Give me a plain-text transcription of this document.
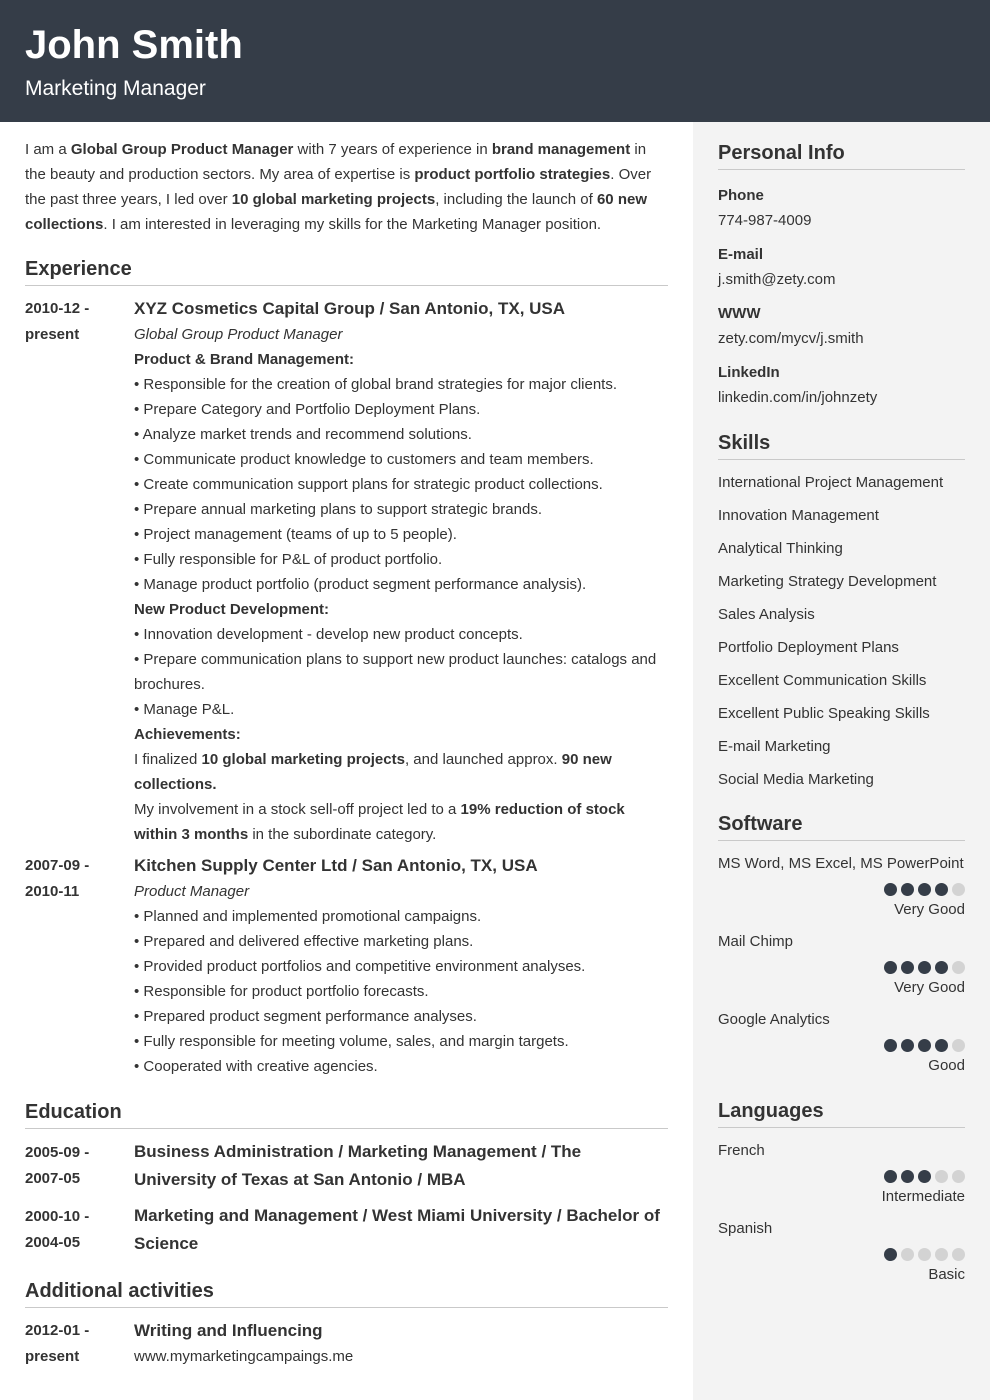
John Smith
Marketing Manager
I am a Global Group Product Manager with 7 years of experience in brand management in the beauty and production sectors. My area of expertise is product portfolio strategies. Over the past three years, I led over 10 global marketing projects, including the launch of 60 new collections. I am interested in leveraging my skills for the Marketing Manager position.
Experience
2010-12 -
present
XYZ Cosmetics Capital Group / San Antonio, TX, USA
Global Group Product Manager
Product & Brand Management:
• Responsible for the creation of global brand strategies for major clients.
• Prepare Category and Portfolio Deployment Plans.
• Analyze market trends and recommend solutions.
• Communicate product knowledge to customers and team members.
• Create communication support plans for strategic product collections.
• Prepare annual marketing plans to support strategic brands.
• Project management (teams of up to 5 people).
• Fully responsible for P&L of product portfolio.
• Manage product portfolio (product segment performance analysis).
New Product Development:
• Innovation development - develop new product concepts.
• Prepare communication plans to support new product launches: catalogs and brochures.
• Manage P&L.
Achievements:
I finalized 10 global marketing projects, and launched approx. 90 new collections.
My involvement in a stock sell-off project led to a 19% reduction of stock within 3 months in the subordinate category.
2007-09 -
2010-11
Kitchen Supply Center Ltd / San Antonio, TX, USA
Product Manager
• Planned and implemented promotional campaigns.
• Prepared and delivered effective marketing plans.
• Provided product portfolios and competitive environment analyses.
• Responsible for product portfolio forecasts.
• Prepared product segment performance analyses.
• Fully responsible for meeting volume, sales, and margin targets.
• Cooperated with creative agencies.
Education
2005-09 -
2007-05
Business Administration / Marketing Management / The University of Texas at San Antonio / MBA
2000-10 -
2004-05
Marketing and Management / West Miami University / Bachelor of Science
Additional activities
2012-01 -
present
Writing and Influencing
www.mymarketingcampaings.me
Personal Info
Phone
774-987-4009
E-mail
j.smith@zety.com
WWW
zety.com/mycv/j.smith
LinkedIn
linkedin.com/in/johnzety
Skills
International Project Management
Innovation Management
Analytical Thinking
Marketing Strategy Development
Sales Analysis
Portfolio Deployment Plans
Excellent Communication Skills
Excellent Public Speaking Skills
E-mail Marketing
Social Media Marketing
Software
MS Word, MS Excel, MS PowerPoint
Very Good
Mail Chimp
Very Good
Google Analytics
Good
Languages
French
Intermediate
Spanish
Basic
